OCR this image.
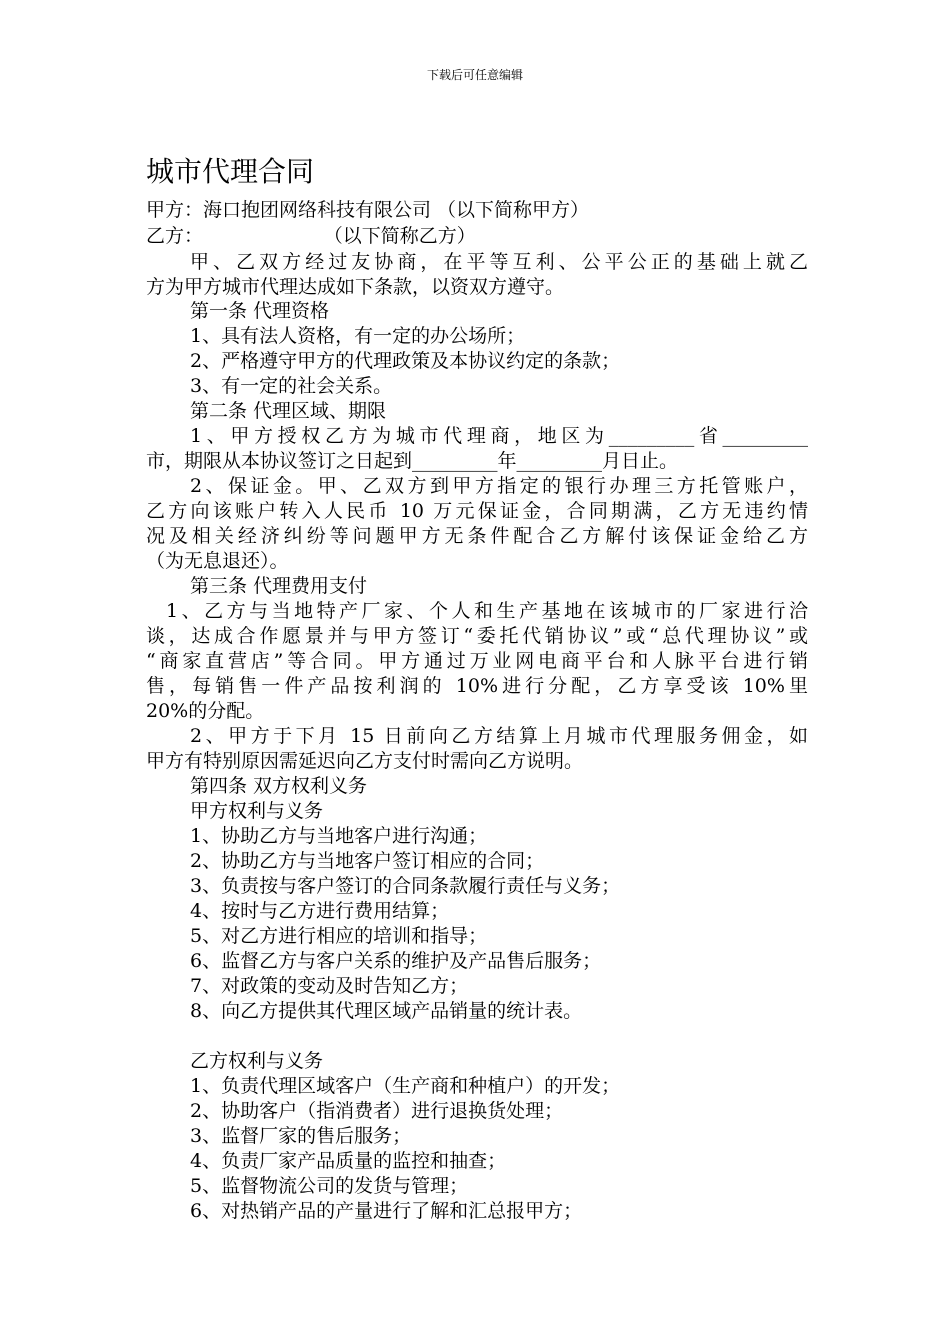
下载后可任意编辑
城市代理合同
甲方：海口抱团网络科技有限公司 （以下简称甲方）
乙方：                    （以下简称乙方）
甲、乙双方经过友协商，在平等互利、公平公正的基础上就乙
方为甲方城市代理达成如下条款，以资双方遵守。
第一条 代理资格
1、具有法人资格，有一定的办公场所；
2、严格遵守甲方的代理政策及本协议约定的条款；
3、有一定的社会关系。
第二条 代理区域、期限
1、甲方授权乙方为城市代理商，地区为_________省_________
市，期限从本协议签订之日起到_________年_________月日止。
2、保证金。甲、乙双方到甲方指定的银行办理三方托管账户，
乙方向该账户转入人民币 10 万元保证金，合同期满，乙方无违约情
况及相关经济纠纷等问题甲方无条件配合乙方解付该保证金给乙方
（为无息退还）。
第三条 代理费用支付
1、乙方与当地特产厂家、个人和生产基地在该城市的厂家进行洽
谈，达成合作愿景并与甲方签订“委托代销协议”或“总代理协议”或
“商家直营店”等合同。甲方通过万业网电商平台和人脉平台进行销
售，每销售一件产品按利润的 10%进行分配，乙方享受该 10%里
20%的分配。
2、甲方于下月 15 日前向乙方结算上月城市代理服务佣金，如
甲方有特别原因需延迟向乙方支付时需向乙方说明。
第四条 双方权利义务
甲方权利与义务
1、协助乙方与当地客户进行沟通；
2、协助乙方与当地客户签订相应的合同；
3、负责按与客户签订的合同条款履行责任与义务；
4、按时与乙方进行费用结算；
5、对乙方进行相应的培训和指导；
6、监督乙方与客户关系的维护及产品售后服务；
7、对政策的变动及时告知乙方；
8、向乙方提供其代理区域产品销量的统计表。
乙方权利与义务
1、负责代理区域客户（生产商和种植户）的开发；
2、协助客户（指消费者）进行退换货处理；
3、监督厂家的售后服务；
4、负责厂家产品质量的监控和抽查；
5、监督物流公司的发货与管理；
6、对热销产品的产量进行了解和汇总报甲方；
